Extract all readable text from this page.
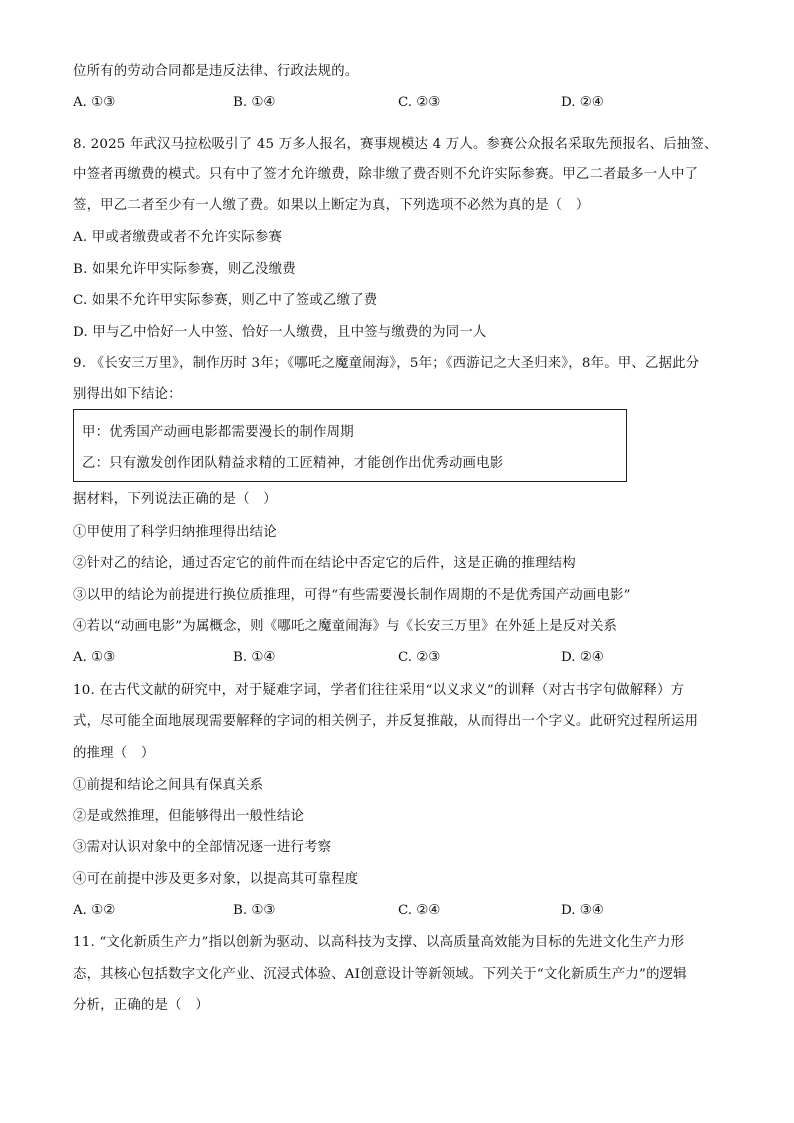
位所有的劳动合同都是违反法律、行政法规的。
A. ①③	B. ①④	C. ②③	D. ②④
8. 2025 年武汉马拉松吸引了 45 万多人报名，赛事规模达 4 万人。参赛公众报名采取先预报名、后抽签、
中签者再缴费的模式。只有中了签才允许缴费，除非缴了费否则不允许实际参赛。甲乙二者最多一人中了
签，甲乙二者至少有一人缴了费。如果以上断定为真，下列选项不必然为真的是（　）
A. 甲或者缴费或者不允许实际参赛
B. 如果允许甲实际参赛，则乙没缴费
C. 如果不允许甲实际参赛，则乙中了签或乙缴了费
D. 甲与乙中恰好一人中签、恰好一人缴费，且中签与缴费的为同一人
9. 《长安三万里》，制作历时 3年；《哪吒之魔童闹海》，5年；《西游记之大圣归来》，8年。甲、乙据此分
别得出如下结论：
甲：优秀国产动画电影都需要漫长的制作周期
乙：只有激发创作团队精益求精的工匠精神，才能创作出优秀动画电影
据材料，下列说法正确的是（　）
①甲使用了科学归纳推理得出结论
②针对乙的结论，通过否定它的前件而在结论中否定它的后件，这是正确的推理结构
③以甲的结论为前提进行换位质推理，可得“有些需要漫长制作周期的不是优秀国产动画电影”
④若以“动画电影”为属概念，则《哪吒之魔童闹海》与《长安三万里》在外延上是反对关系
A. ①③	B. ①④	C. ②③	D. ②④
10. 在古代文献的研究中，对于疑难字词，学者们往往采用“以义求义”的训释（对古书字句做解释）方
式，尽可能全面地展现需要解释的字词的相关例子，并反复推敲，从而得出一个字义。此研究过程所运用
的推理（　）
①前提和结论之间具有保真关系
②是或然推理，但能够得出一般性结论
③需对认识对象中的全部情况逐一进行考察
④可在前提中涉及更多对象，以提高其可靠程度
A. ①②	B. ①③	C. ②④	D. ③④
11. “文化新质生产力”指以创新为驱动、以高科技为支撑、以高质量高效能为目标的先进文化生产力形
态，其核心包括数字文化产业、沉浸式体验、AI创意设计等新领域。下列关于“文化新质生产力”的逻辑
分析，正确的是（　）
